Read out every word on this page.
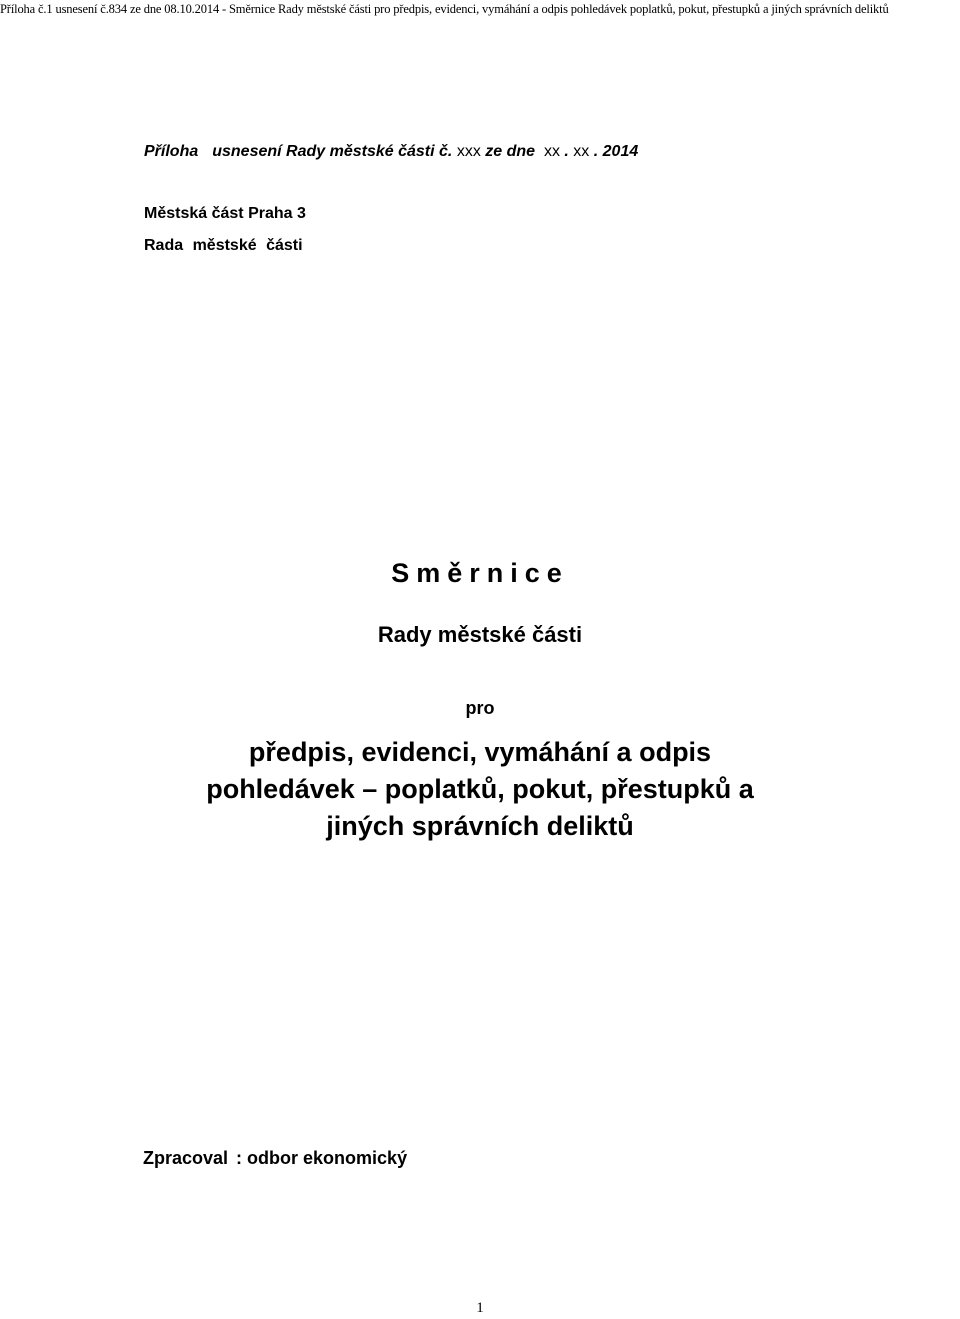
Příloha č.1 usnesení č.834 ze dne 08.10.2014 - Směrnice Rady městské části pro předpis, evidenci, vymáhání a odpis pohledávek poplatků, pokut, přestupků a jiných správních deliktů
Příloha usnesení Rady městské části č. xxx ze dne xx . xx . 2014
Městská část Praha 3
Rada městské části
Směrnice
Rady městské části
pro
předpis, evidenci, vymáhání a odpis
pohledávek – poplatků, pokut, přestupků a
jiných správních deliktů
Zpracoval : odbor ekonomický
1
